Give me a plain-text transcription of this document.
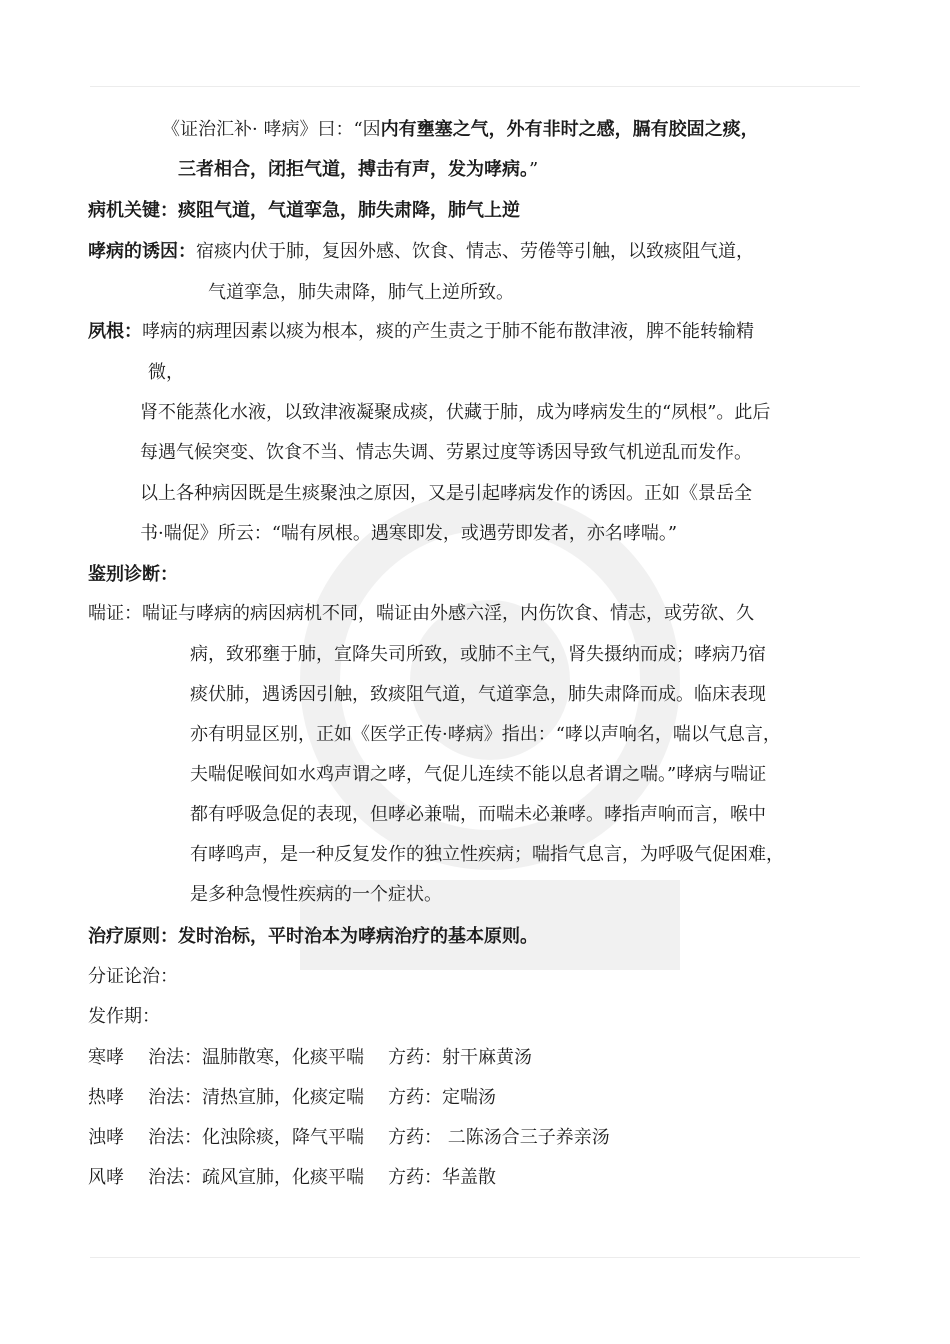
《证治汇补· 哮病》曰：“因内有壅塞之气，外有非时之感，膈有胶固之痰，
三者相合，闭拒气道，搏击有声，发为哮病。”
病机关键：痰阻气道，气道挛急，肺失肃降，肺气上逆
哮病的诱因：宿痰内伏于肺，复因外感、饮食、情志、劳倦等引触，以致痰阻气道，
气道挛急，肺失肃降，肺气上逆所致。
夙根：哮病的病理因素以痰为根本，痰的产生责之于肺不能布散津液，脾不能转输精
微，
肾不能蒸化水液，以致津液凝聚成痰，伏藏于肺，成为哮病发生的“夙根”。此后
每遇气候突变、饮食不当、情志失调、劳累过度等诱因导致气机逆乱而发作。
以上各种病因既是生痰聚浊之原因，又是引起哮病发作的诱因。正如《景岳全
书·喘促》所云：“喘有夙根。遇寒即发，或遇劳即发者，亦名哮喘。”
鉴别诊断：
喘证：喘证与哮病的病因病机不同，喘证由外感六淫，内伤饮食、情志，或劳欲、久
病，致邪壅于肺，宣降失司所致，或肺不主气，肾失摄纳而成；哮病乃宿
痰伏肺，遇诱因引触，致痰阻气道，气道挛急，肺失肃降而成。临床表现
亦有明显区别，正如《医学正传·哮病》指出：“哮以声响名，喘以气息言，
夫喘促喉间如水鸡声谓之哮，气促儿连续不能以息者谓之喘。”哮病与喘证
都有呼吸急促的表现，但哮必兼喘，而喘未必兼哮。哮指声响而言，喉中
有哮鸣声，是一种反复发作的独立性疾病；喘指气息言，为呼吸气促困难，
是多种急慢性疾病的一个症状。
治疗原则：发时治标，平时治本为哮病治疗的基本原则。
分证论治：
发作期：
寒哮 治法：温肺散寒，化痰平喘 方药：射干麻黄汤
热哮 治法：清热宣肺，化痰定喘 方药：定喘汤
浊哮 治法：化浊除痰，降气平喘 方药： 二陈汤合三子养亲汤
风哮 治法：疏风宣肺，化痰平喘 方药：华盖散
